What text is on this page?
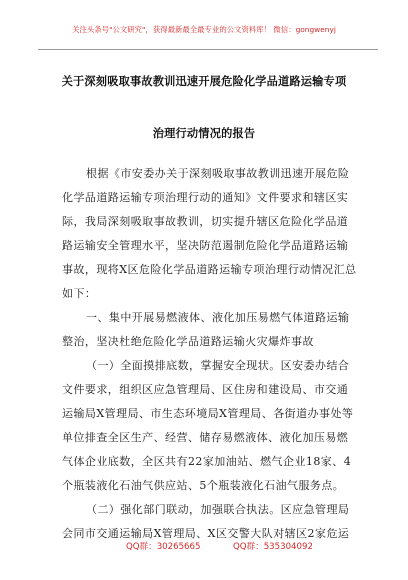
关注头条号"公文研究"，获得最新最全最专业的公文资料库！ 微信：gongwenyj
关于深刻吸取事故教训迅速开展危险化学品道路运输专项
治理行动情况的报告
根据《市安委办关于深刻吸取事故教训迅速开展危险
化学品道路运输专项治理行动的通知》文件要求和辖区实
际，我局深刻吸取事故教训，切实提升辖区危险化学品道
路运输安全管理水平，坚决防范遏制危险化学品道路运输
事故，现将X区危险化学品道路运输专项治理行动情况汇总
如下：
一、集中开展易燃液体、液化加压易燃气体道路运输
整治，坚决杜绝危险化学品道路运输火灾爆炸事故
（一）全面摸排底数，掌握安全现状。区安委办结合
文件要求，组织区应急管理局、区住房和建设局、市交通
运输局X管理局、市生态环境局X管理局、各街道办事处等
单位排查全区生产、经营、储存易燃液体、液化加压易燃
气体企业底数，全区共有22家加油站、燃气企业18家、4
个瓶装液化石油气供应站、5个瓶装液化石油气服务点。
（二）强化部门联动，加强联合执法。区应急管理局
会同市交通运输局X管理局、X区交警大队对辖区2家危运
QQ群：30265665	QQ群：535304092
